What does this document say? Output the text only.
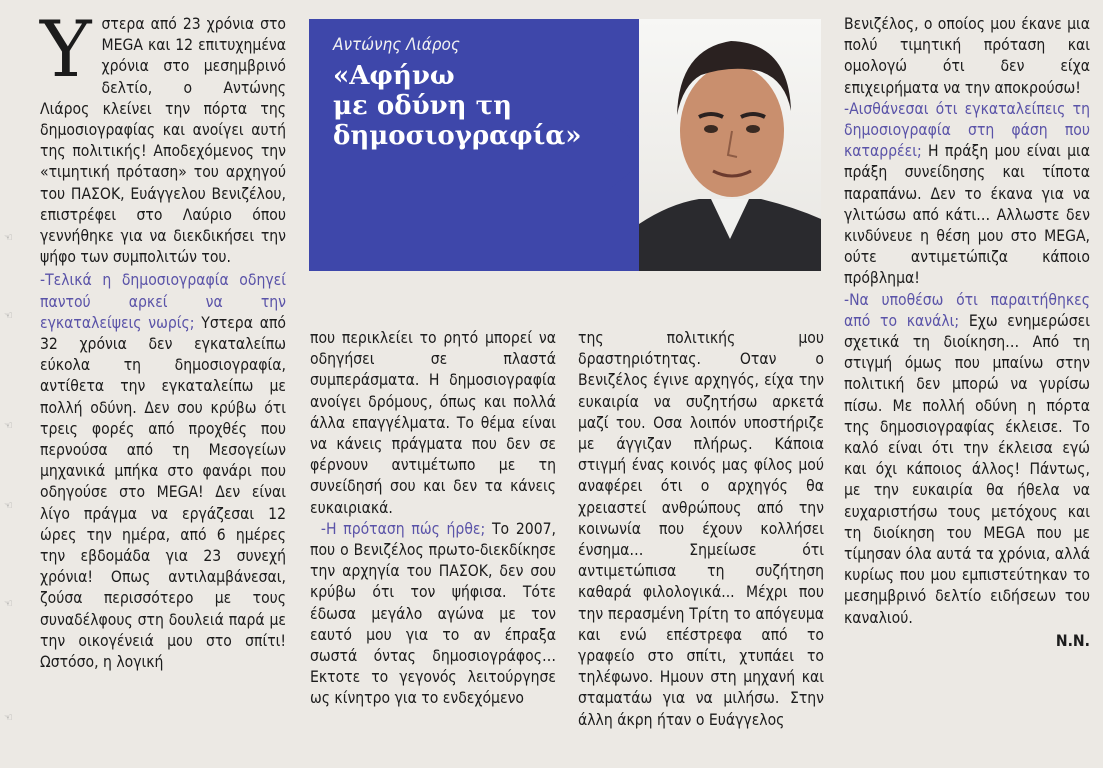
☜
☜
☜
☜
☜
☜

Υστερα από 23 χρόνια στο MEGA και 12 επιτυχημένα χρόνια στο μεσημβρινό δελτίο, ο Αντώνης Λιάρος κλείνει την πόρτα της δημοσιογραφίας και ανοίγει αυτή της πολιτικής! Αποδεχόμενος την «τιμητική πρόταση» του αρχηγού του ΠΑΣΟΚ, Ευάγγελου Βενιζέλου, επιστρέφει στο Λαύριο όπου γεννήθηκε για να διεκδικήσει την ψήφο των συμπολιτών του.

-Τελικά η δημοσιογραφία οδηγεί παντού αρκεί να την εγκαταλείψεις νωρίς; Υστερα από 32 χρόνια δεν εγκαταλείπω εύκολα τη δημοσιογραφία, αντίθετα την εγκαταλείπω με πολλή οδύνη. Δεν σου κρύβω ότι τρεις φορές από προχθές που περνούσα από τη Μεσογείων μηχανικά μπήκα στο φανάρι που οδηγούσε στο MEGA! Δεν είναι λίγο πράγμα να εργάζεσαι 12 ώρες την ημέρα, από 6 ημέρες την εβδομάδα για 23 συνεχή χρόνια! Οπως αντιλαμβάνεσαι, ζούσα περισσότερο με τους συναδέλφους στη δουλειά παρά με την οικογένειά μου στο σπίτι! Ωστόσο, η λογική

Αντώνης Λιάρος
«Αφήνω
με οδύνη τη
δημοσιογραφία»

που περικλείει το ρητό μπορεί να οδηγήσει σε πλαστά συμπεράσματα. Η δημοσιογραφία ανοίγει δρόμους, όπως και πολλά άλλα επαγγέλματα. Το θέμα είναι να κάνεις πράγματα που δεν σε φέρνουν αντιμέτωπο με τη συνείδησή σου και δεν τα κάνεις ευκαιριακά.

-Η πρόταση πώς ήρθε; Το 2007, που ο Βενιζέλος πρωτο-διεκδίκησε την αρχηγία του ΠΑΣΟΚ, δεν σου κρύβω ότι τον ψήφισα. Τότε έδωσα μεγάλο αγώνα με τον εαυτό μου για το αν έπραξα σωστά όντας δημοσιογράφος… Εκτοτε το γεγονός λειτούργησε ως κίνητρο για το ενδεχόμενο

της πολιτικής μου δραστηριότητας. Οταν ο Βενιζέλος έγινε αρχηγός, είχα την ευκαιρία να συζητήσω αρκετά μαζί του. Οσα λοιπόν υποστήριζε με άγγιζαν πλήρως. Κάποια στιγμή ένας κοινός μας φίλος μού αναφέρει ότι ο αρχηγός θα χρειαστεί ανθρώπους από την κοινωνία που έχουν κολλήσει ένσημα… Σημείωσε ότι αντιμετώπισα τη συζήτηση καθαρά φιλολογικά... Μέχρι που την περασμένη Τρίτη το απόγευμα και ενώ επέστρεφα από το γραφείο στο σπίτι, χτυπάει το τηλέφωνο. Ημουν στη μηχανή και σταματάω για να μιλήσω. Στην άλλη άκρη ήταν ο Ευάγγελος

Βενιζέλος, ο οποίος μου έκανε μια πολύ τιμητική πρόταση και ομολογώ ότι δεν είχα επιχειρήματα να την αποκρούσω!

-Αισθάνεσαι ότι εγκαταλείπεις τη δημοσιογραφία στη φάση που καταρρέει; Η πράξη μου είναι μια πράξη συνείδησης και τίποτα παραπάνω. Δεν το έκανα για να γλιτώσω από κάτι… Αλλωστε δεν κινδύνευε η θέση μου στο MEGA, ούτε αντιμετώπιζα κάποιο πρόβλημα!

-Να υποθέσω ότι παραιτήθηκες από το κανάλι; Εχω ενημερώσει σχετικά τη διοίκηση… Από τη στιγμή όμως που μπαίνω στην πολιτική δεν μπορώ να γυρίσω πίσω. Με πολλή οδύνη η πόρτα της δημοσιογραφίας έκλεισε. Το καλό είναι ότι την έκλεισα εγώ και όχι κάποιος άλλος! Πάντως, με την ευκαιρία θα ήθελα να ευχαριστήσω τους μετόχους και τη διοίκηση του MEGA που με τίμησαν όλα αυτά τα χρόνια, αλλά κυρίως που μου εμπιστεύτηκαν το μεσημβρινό δελτίο ειδήσεων του καναλιού.

N.N.
